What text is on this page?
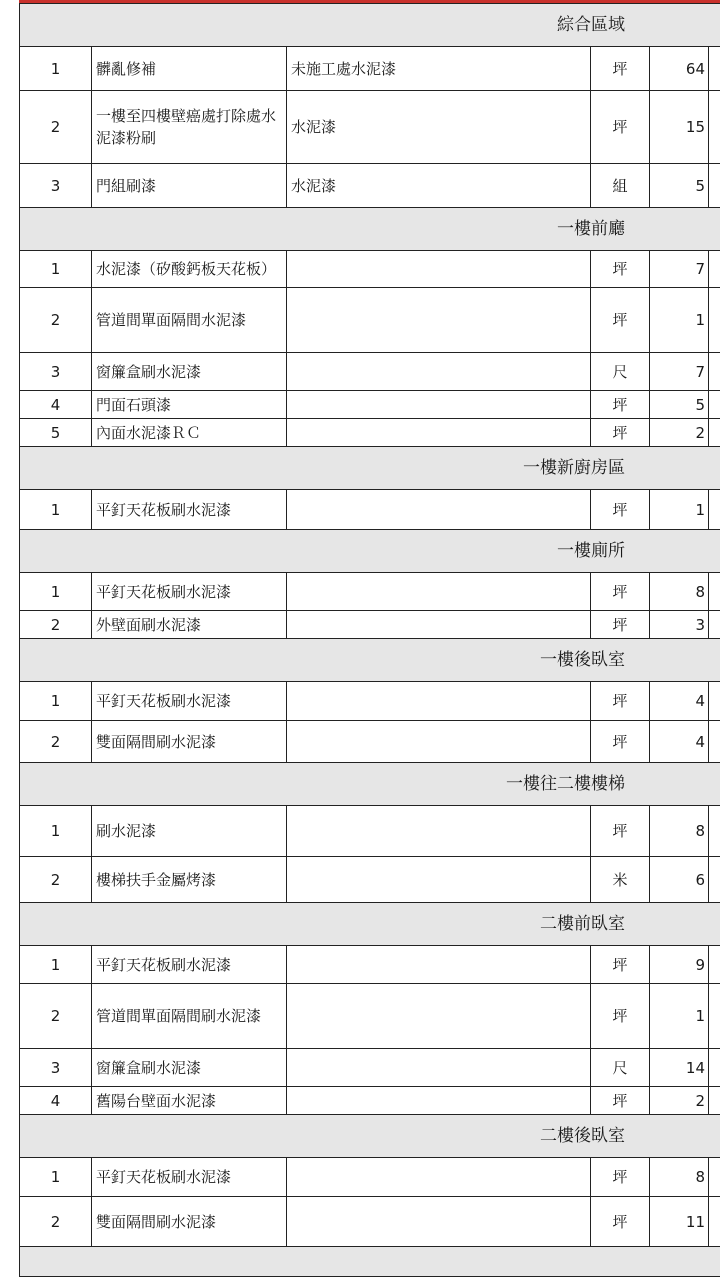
綜合區域					
1	髒亂修補	未施工處水泥漆	坪	64	
2	一樓至四樓壁癌處打除處水泥漆粉刷	水泥漆	坪	15	
3	門組刷漆	水泥漆	組	5	
一樓前廳					
1	水泥漆（矽酸鈣板天花板）		坪	7	
2	管道間單面隔間水泥漆		坪	1	
3	窗簾盒刷水泥漆		尺	7	
4	門面石頭漆		坪	5	
5	內面水泥漆ＲＣ		坪	2	
一樓新廚房區					
1	平釘天花板刷水泥漆		坪	1	
一樓廁所					
1	平釘天花板刷水泥漆		坪	8	
2	外壁面刷水泥漆		坪	3	
一樓後臥室					
1	平釘天花板刷水泥漆		坪	4	
2	雙面隔間刷水泥漆		坪	4	
一樓往二樓樓梯					
1	刷水泥漆		坪	8	
2	樓梯扶手金屬烤漆		米	6	
二樓前臥室					
1	平釘天花板刷水泥漆		坪	9	
2	管道間單面隔間刷水泥漆		坪	1	
3	窗簾盒刷水泥漆		尺	14	
4	舊陽台壁面水泥漆		坪	2	
二樓後臥室					
1	平釘天花板刷水泥漆		坪	8	
2	雙面隔間刷水泥漆		坪	11	
